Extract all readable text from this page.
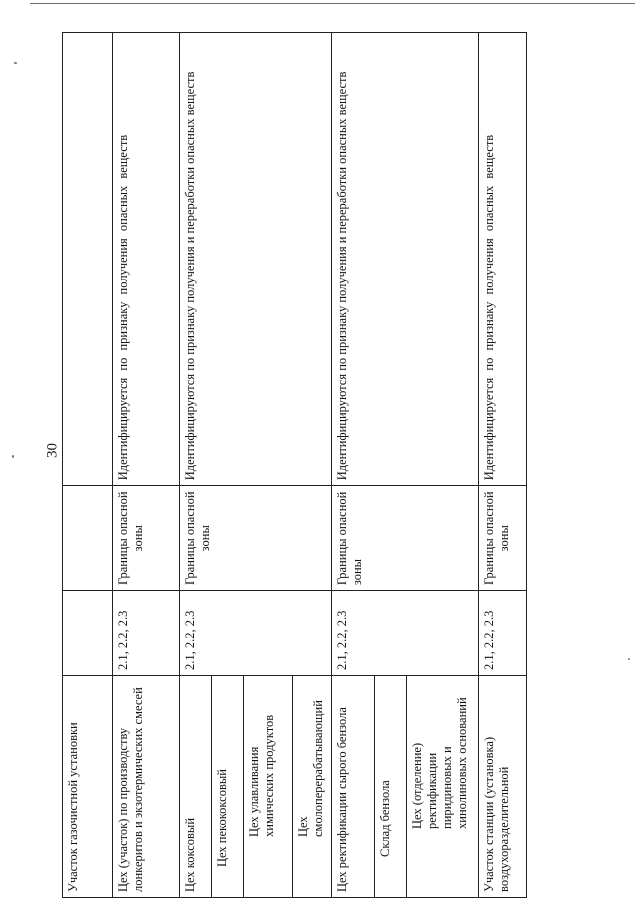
30
Участок газочистной установки			
Цех (участок) по производству лонкеритов и экзотермических смесей	2.1, 2.2, 2.3	Границы опасной зоны	Идентифицируется по признаку получения опасных веществ
Цех коксовый	2.1, 2.2, 2.3	Границы опасной зоны	Идентифицируются по признаку получения и переработки опасных веществ
Цех пекококсовый			
Цех улавливания химических продуктов			
Цех смолоперерабатывающий			
Цех ректификации сырого бензола	2.1, 2.2, 2.3	Границы опасной зоны	Идентифицируются по признаку получения и переработки опасных веществ
Склад бензола			
Цех (отделение) ректификации пиридиновых и хинолиновых оснований			
Участок станции (установка) воздухоразделительной	2.1, 2.2, 2.3	Границы опасной зоны	Идентифицируется по признаку получения опасных веществ
